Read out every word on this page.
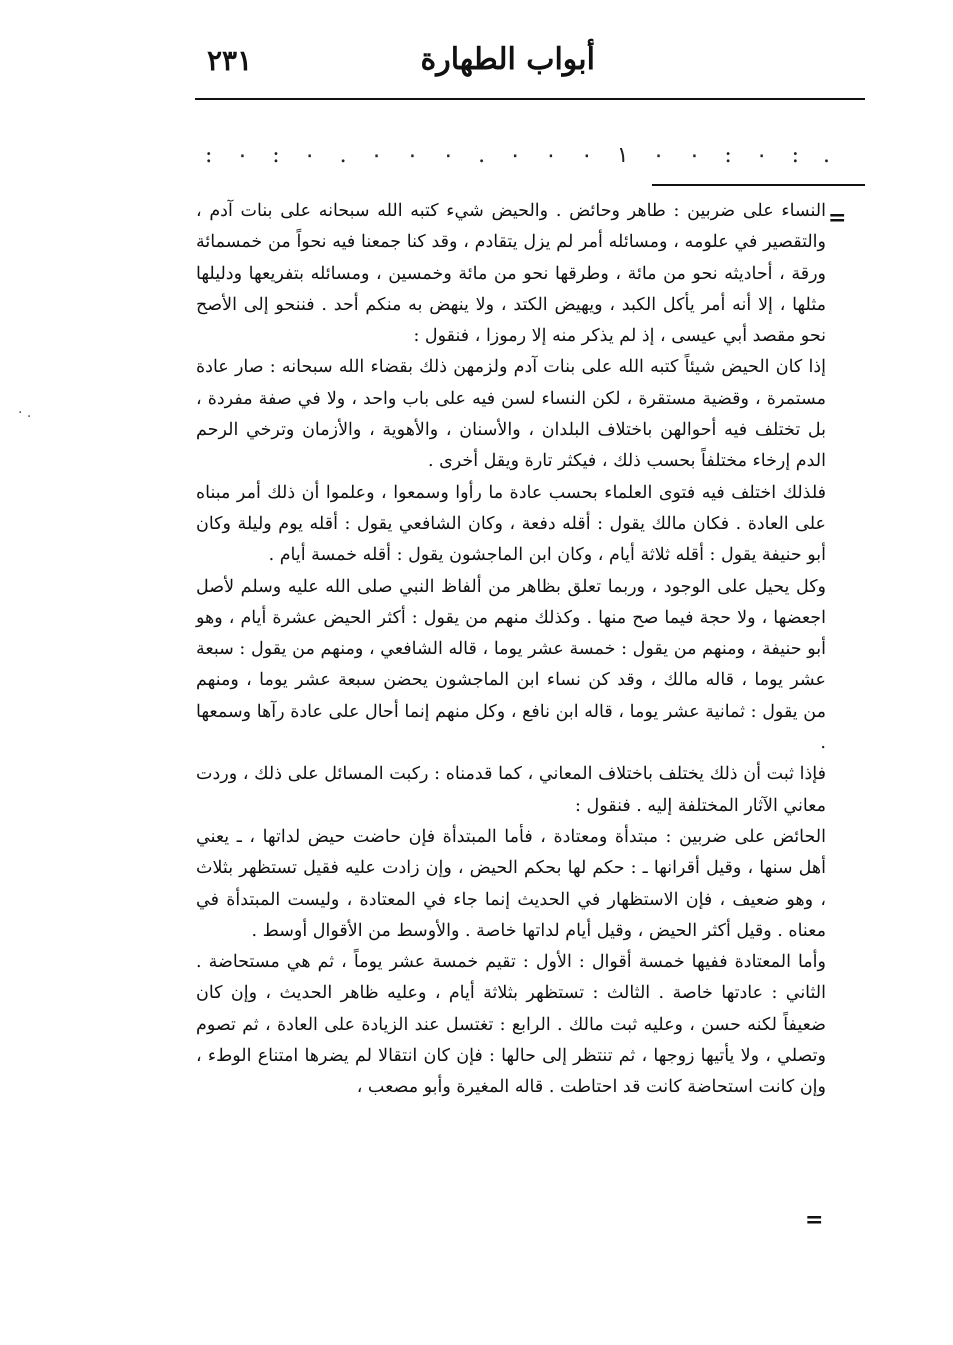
٢٣١	أبواب الطهارة
. : ٠ : ٠ ٠ ١ ٠ ٠ ٠ . ٠ ٠ ٠ . ٠ : ٠ :
· .
=

النساء على ضربين : طاهر وحائض . والحيض شيء كتبه الله سبحانه على بنات آدم ، والتقصير في علومه ، ومسائله أمر لم يزل يتقادم ، وقد كنا جمعنا فيه نحواً من خمسمائة ورقة ، أحاديثه نحو من مائة ، وطرقها نحو من مائة وخمسين ، ومسائله بتفريعها ودليلها مثلها ، إلا أنه أمر يأكل الكبد ، ويهيض الكتد ، ولا ينهض به منكم أحد . فننحو إلى الأصح نحو مقصد أبي عيسى ، إذ لم يذكر منه إلا رموزا ، فنقول :

إذا كان الحيض شيئاً كتبه الله على بنات آدم ولزمهن ذلك بقضاء الله سبحانه : صار عادة مستمرة ، وقضية مستقرة ، لكن النساء لسن فيه على باب واحد ، ولا في صفة مفردة ، بل تختلف فيه أحوالهن باختلاف البلدان ، والأسنان ، والأهوية ، والأزمان وترخي الرحم الدم إرخاء مختلفاً بحسب ذلك ، فيكثر تارة ويقل أخرى .

فلذلك اختلف فيه فتوى العلماء بحسب عادة ما رأوا وسمعوا ، وعلموا أن ذلك أمر مبناه على العادة . فكان مالك يقول : أقله دفعة ، وكان الشافعي يقول : أقله يوم وليلة وكان أبو حنيفة يقول : أقله ثلاثة أيام ، وكان ابن الماجشون يقول : أقله خمسة أيام .

وكل يحيل على الوجود ، وربما تعلق بظاهر من ألفاظ النبي صلى الله عليه وسلم لأصل اجعضها ، ولا حجة فيما صح منها . وكذلك منهم من يقول : أكثر الحيض عشرة أيام ، وهو أبو حنيفة ، ومنهم من يقول : خمسة عشر يوما ، قاله الشافعي ، ومنهم من يقول : سبعة عشر يوما ، قاله مالك ، وقد كن نساء ابن الماجشون يحضن سبعة عشر يوما ، ومنهم من يقول : ثمانية عشر يوما ، قاله ابن نافع ، وكل منهم إنما أحال على عادة رآها وسمعها .

فإذا ثبت أن ذلك يختلف باختلاف المعاني ، كما قدمناه : ركبت المسائل على ذلك ، وردت معاني الآثار المختلفة إليه . فنقول :

الحائض على ضربين : مبتدأة ومعتادة ، فأما المبتدأة فإن حاضت حيض لداتها ، ـ يعني أهل سنها ، وقيل أقرانها ـ : حكم لها بحكم الحيض ، وإن زادت عليه فقيل تستظهر بثلاث ، وهو ضعيف ، فإن الاستظهار في الحديث إنما جاء في المعتادة ، وليست المبتدأة في معناه . وقيل أكثر الحيض ، وقيل أيام لداتها خاصة . والأوسط من الأقوال أوسط .

وأما المعتادة ففيها خمسة أقوال : الأول : تقيم خمسة عشر يوماً ، ثم هي مستحاضة . الثاني : عادتها خاصة . الثالث : تستظهر بثلاثة أيام ، وعليه ظاهر الحديث ، وإن كان ضعيفاً لكنه حسن ، وعليه ثبت مالك . الرابع : تغتسل عند الزيادة على العادة ، ثم تصوم وتصلي ، ولا يأتيها زوجها ، ثم تنتظر إلى حالها : فإن كان انتقالا لم يضرها امتناع الوطء ، وإن كانت استحاضة كانت قد احتاطت . قاله المغيرة وأبو مصعب ،

=
